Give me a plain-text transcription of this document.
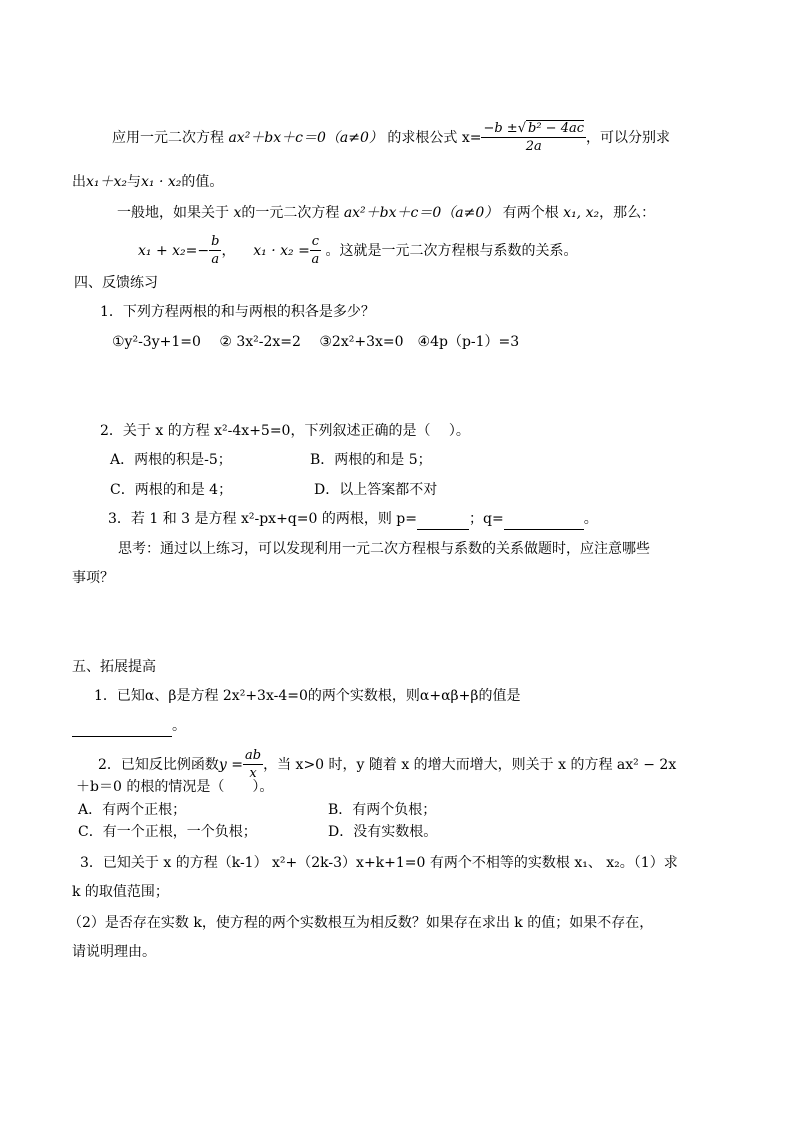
应用一元二次方程 ax²＋bx＋c＝0（a≠0） 的求根公式 $x= \frac{\text{−b ±√ b² − 4ac}}{2a}$ ，可以分别求
出x₁＋x₂与x₁ · x₂的值。
一般地，如果关于 x的一元二次方程 ax²＋bx＋c＝0（a≠0） 有两个根 x₁, x₂，那么：
$x_1 + x_2=- \frac{b}{a}$ ， $x_1 \cdot x_2 = \frac{c}{a}$ 。这就是一元二次方程根与系数的关系。
四、反馈练习
1．下列方程两根的和与两根的积各是多少？
①y²-3y+1=0　 ② 3x²-2x=2　 ③2x²+3x=0　④4p（p-1）=3
2．关于 x 的方程 x²-4x+5=0，下列叙述正确的是（　 ）。
A．两根的积是-5；	B．两根的和是 5；
C．两根的和是 4；	D．以上答案都不对
3．若 1 和 3 是方程 x²-px+q=0 的两根，则 p=	；q=	。
思考：通过以上练习，可以发现利用一元二次方程根与系数的关系做题时，应注意哪些
事项？
五、拓展提高
1．已知α、β是方程 2x²+3x-4=0的两个实数根，则α+αβ+β的值是
。
2．已知反比例函数$y = \frac{ab}{x}$ ，当 x>0 时，y 随着 x 的增大而增大，则关于 x 的方程 ax² − 2x
＋b＝0 的根的情况是（　　）。
A．有两个正根；	B．有两个负根；
C．有一个正根，一个负根；	D．没有实数根。
3．已知关于 x 的方程（k-1） x²+（2k-3）x+k+1=0 有两个不相等的实数根 x₁、 x₂。（1）求
k 的取值范围；
（2）是否存在实数 k，使方程的两个实数根互为相反数？如果存在求出 k 的值；如果不存在，
请说明理由。
